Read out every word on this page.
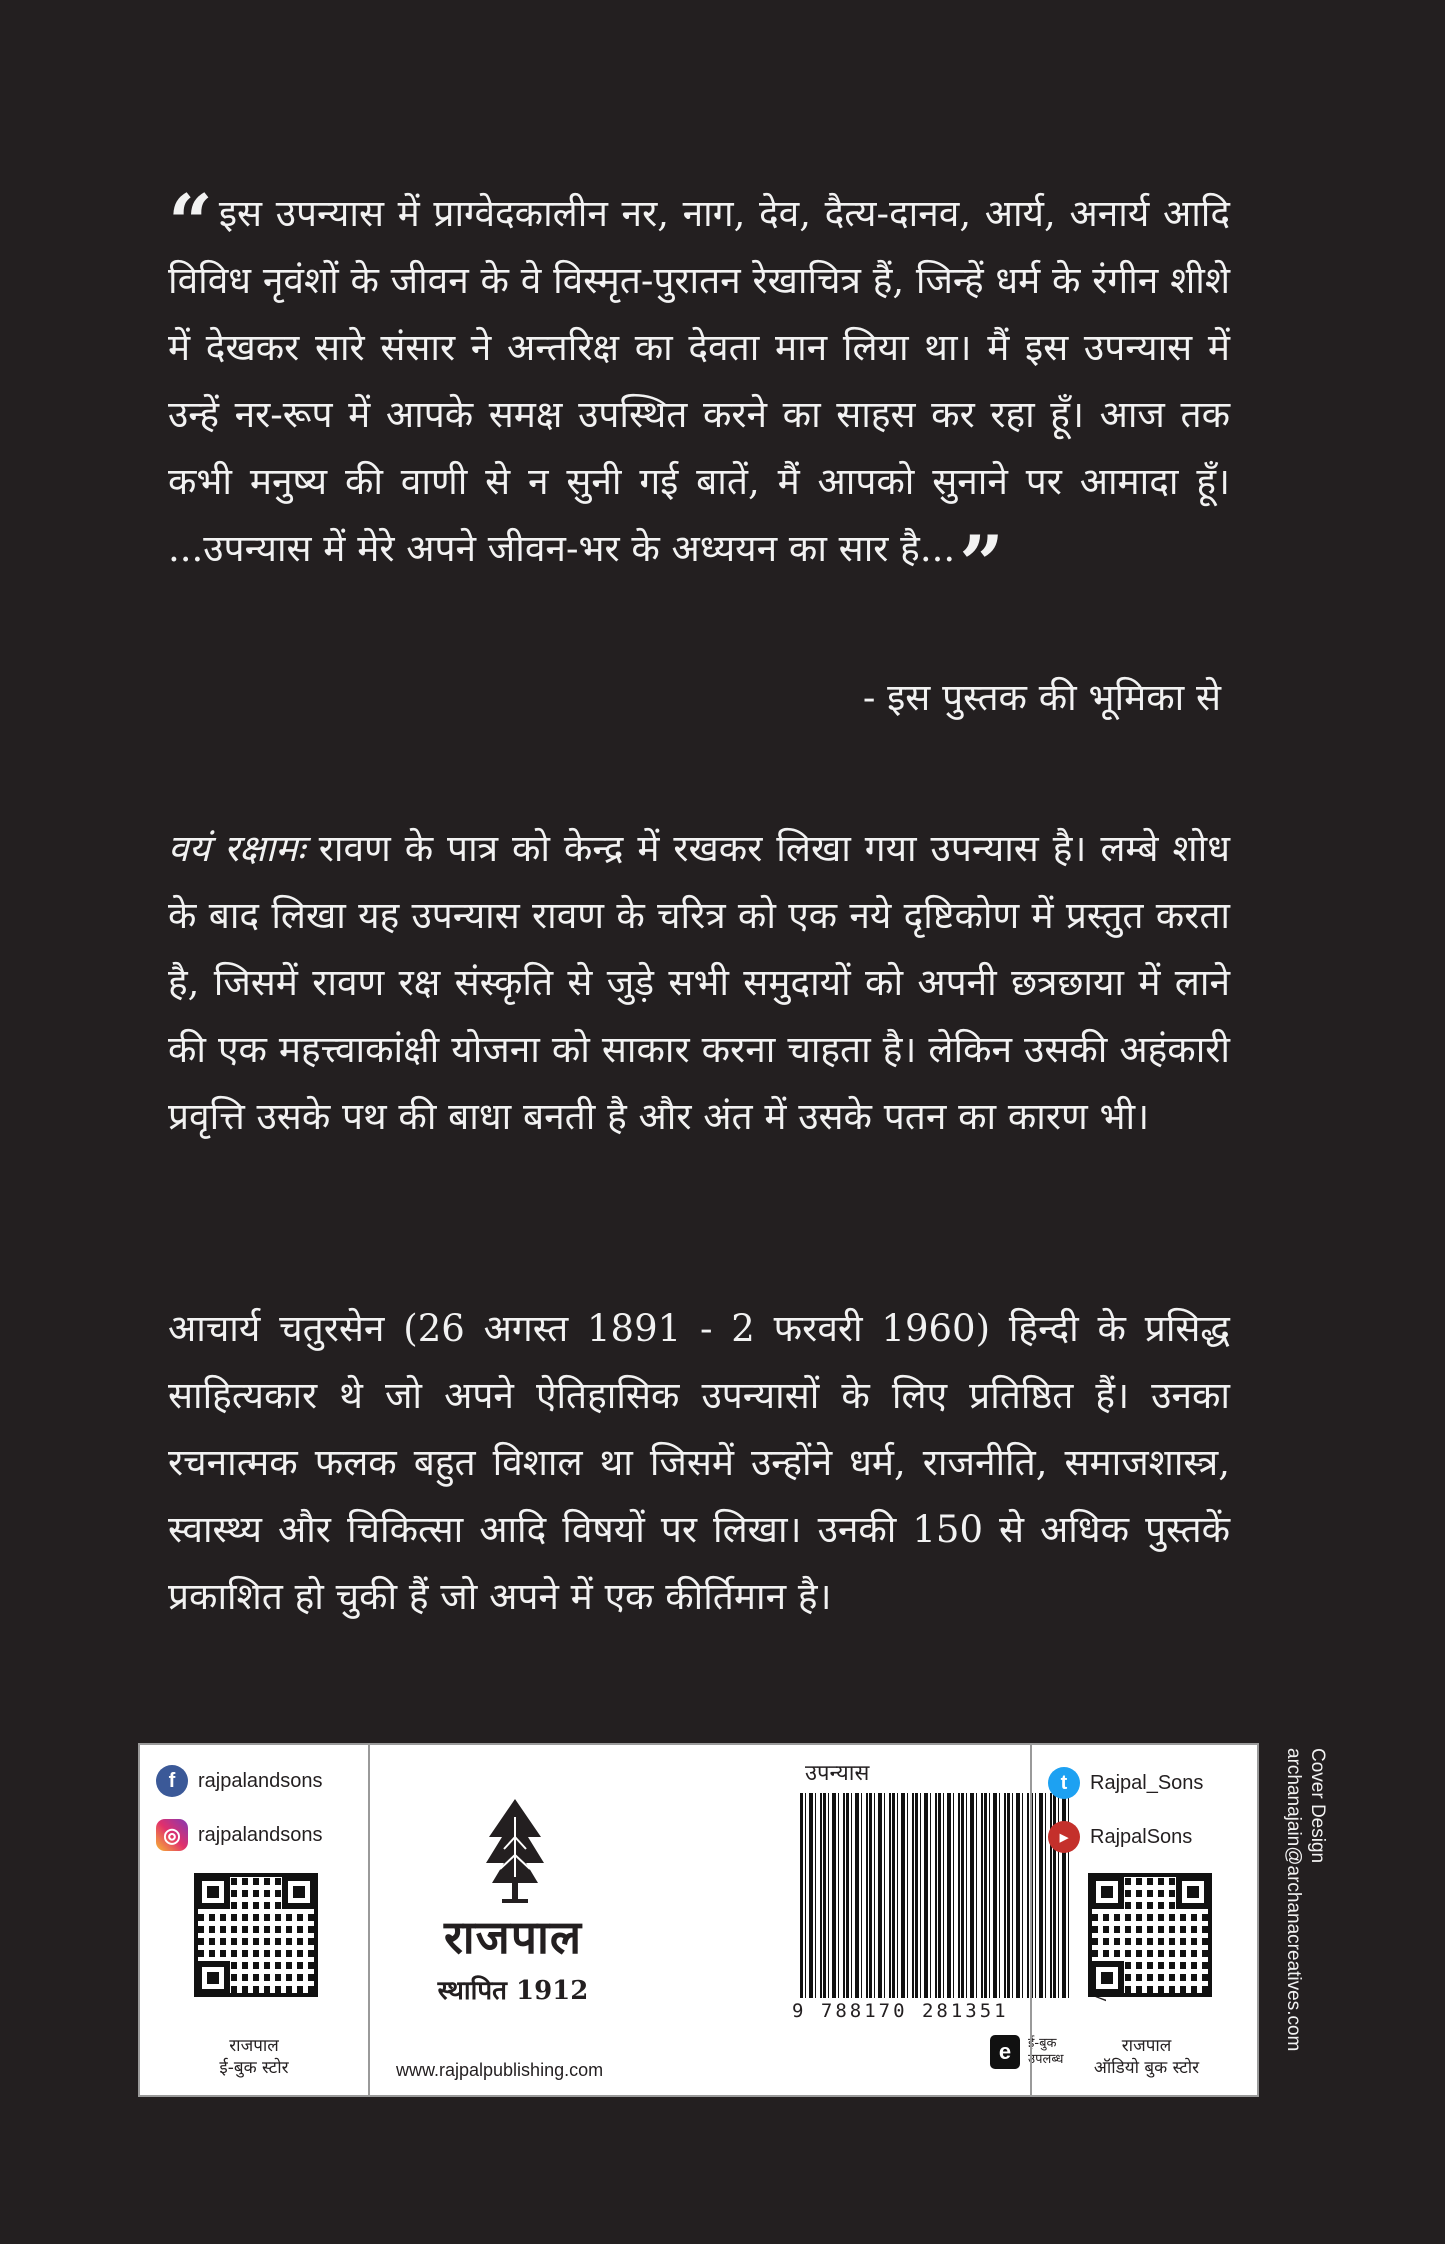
“ इस उपन्यास में प्राग्वेदकालीन नर, नाग, देव, दैत्य-दानव, आर्य, अनार्य आदि विविध नृवंशों के जीवन के वे विस्मृत-पुरातन रेखाचित्र हैं, जिन्हें धर्म के रंगीन शीशे में देखकर सारे संसार ने अन्तरिक्ष का देवता मान लिया था। मैं इस उपन्यास में उन्हें नर-रूप में आपके समक्ष उपस्थित करने का साहस कर रहा हूँ। आज तक कभी मनुष्य की वाणी से न सुनी गई बातें, मैं आपको सुनाने पर आमादा हूँ। ...उपन्यास में मेरे अपने जीवन-भर के अध्ययन का सार है...”
- इस पुस्तक की भूमिका से
वयं रक्षामः रावण के पात्र को केन्द्र में रखकर लिखा गया उपन्यास है। लम्बे शोध के बाद लिखा यह उपन्यास रावण के चरित्र को एक नये दृष्टिकोण में प्रस्तुत करता है, जिसमें रावण रक्ष संस्कृति से जुड़े सभी समुदायों को अपनी छत्रछाया में लाने की एक महत्त्वाकांक्षी योजना को साकार करना चाहता है। लेकिन उसकी अहंकारी प्रवृत्ति उसके पथ की बाधा बनती है और अंत में उसके पतन का कारण भी।
आचार्य चतुरसेन (26 अगस्त 1891 - 2 फरवरी 1960) हिन्दी के प्रसिद्ध साहित्यकार थे जो अपने ऐतिहासिक उपन्यासों के लिए प्रतिष्ठित हैं। उनका रचनात्मक फलक बहुत विशाल था जिसमें उन्होंने धर्म, राजनीति, समाजशास्त्र, स्वास्थ्य और चिकित्सा आदि विषयों पर लिखा। उनकी 150 से अधिक पुस्तकें प्रकाशित हो चुकी हैं जो अपने में एक कीर्तिमान है।
f	rajpalandsons
◎ rajpalandsons
राजपाल
ई-बुक स्टोर
राजपाल
स्थापित 1912
www.rajpalpublishing.com
उपन्यास
9 788170 281351
e	ई-बुक
उपलब्ध
t	Rajpal_Sons
▶	RajpalSons
राजपाल
ऑडियो बुक स्टोर
Cover Design
archanajain@archanacreatives.com
